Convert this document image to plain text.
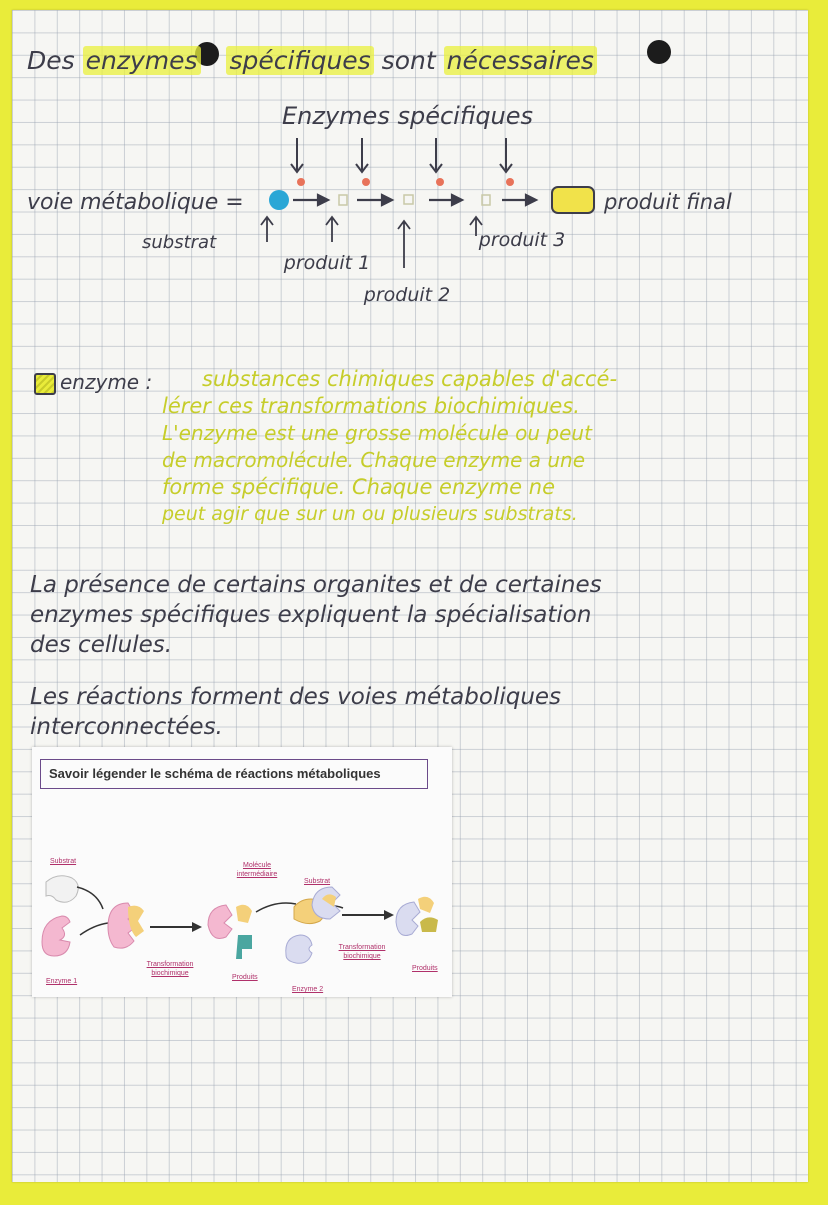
Des enzymes spécifiques sont nécessaires
Enzymes spécifiques
voie métabolique =
substrat
produit 1
produit 2
produit 3
produit final
enzyme : substances chimiques capables d'accé-
lérer ces transformations biochimiques.
L'enzyme est une grosse molécule ou peut
de macromolécule. Chaque enzyme a une
forme spécifique. Chaque enzyme ne
peut agir que sur un ou plusieurs substrats.
La présence de certains organites et de certaines
enzymes spécifiques expliquent la spécialisation
des cellules.
Les réactions forment des voies métaboliques
interconnectées.
Savoir légender le schéma de réactions métaboliques
Substrat
Enzyme 1
Transformation biochimique
Molécule intermédiaire
Produits
Substrat
Transformation biochimique
Enzyme 2
Produits
